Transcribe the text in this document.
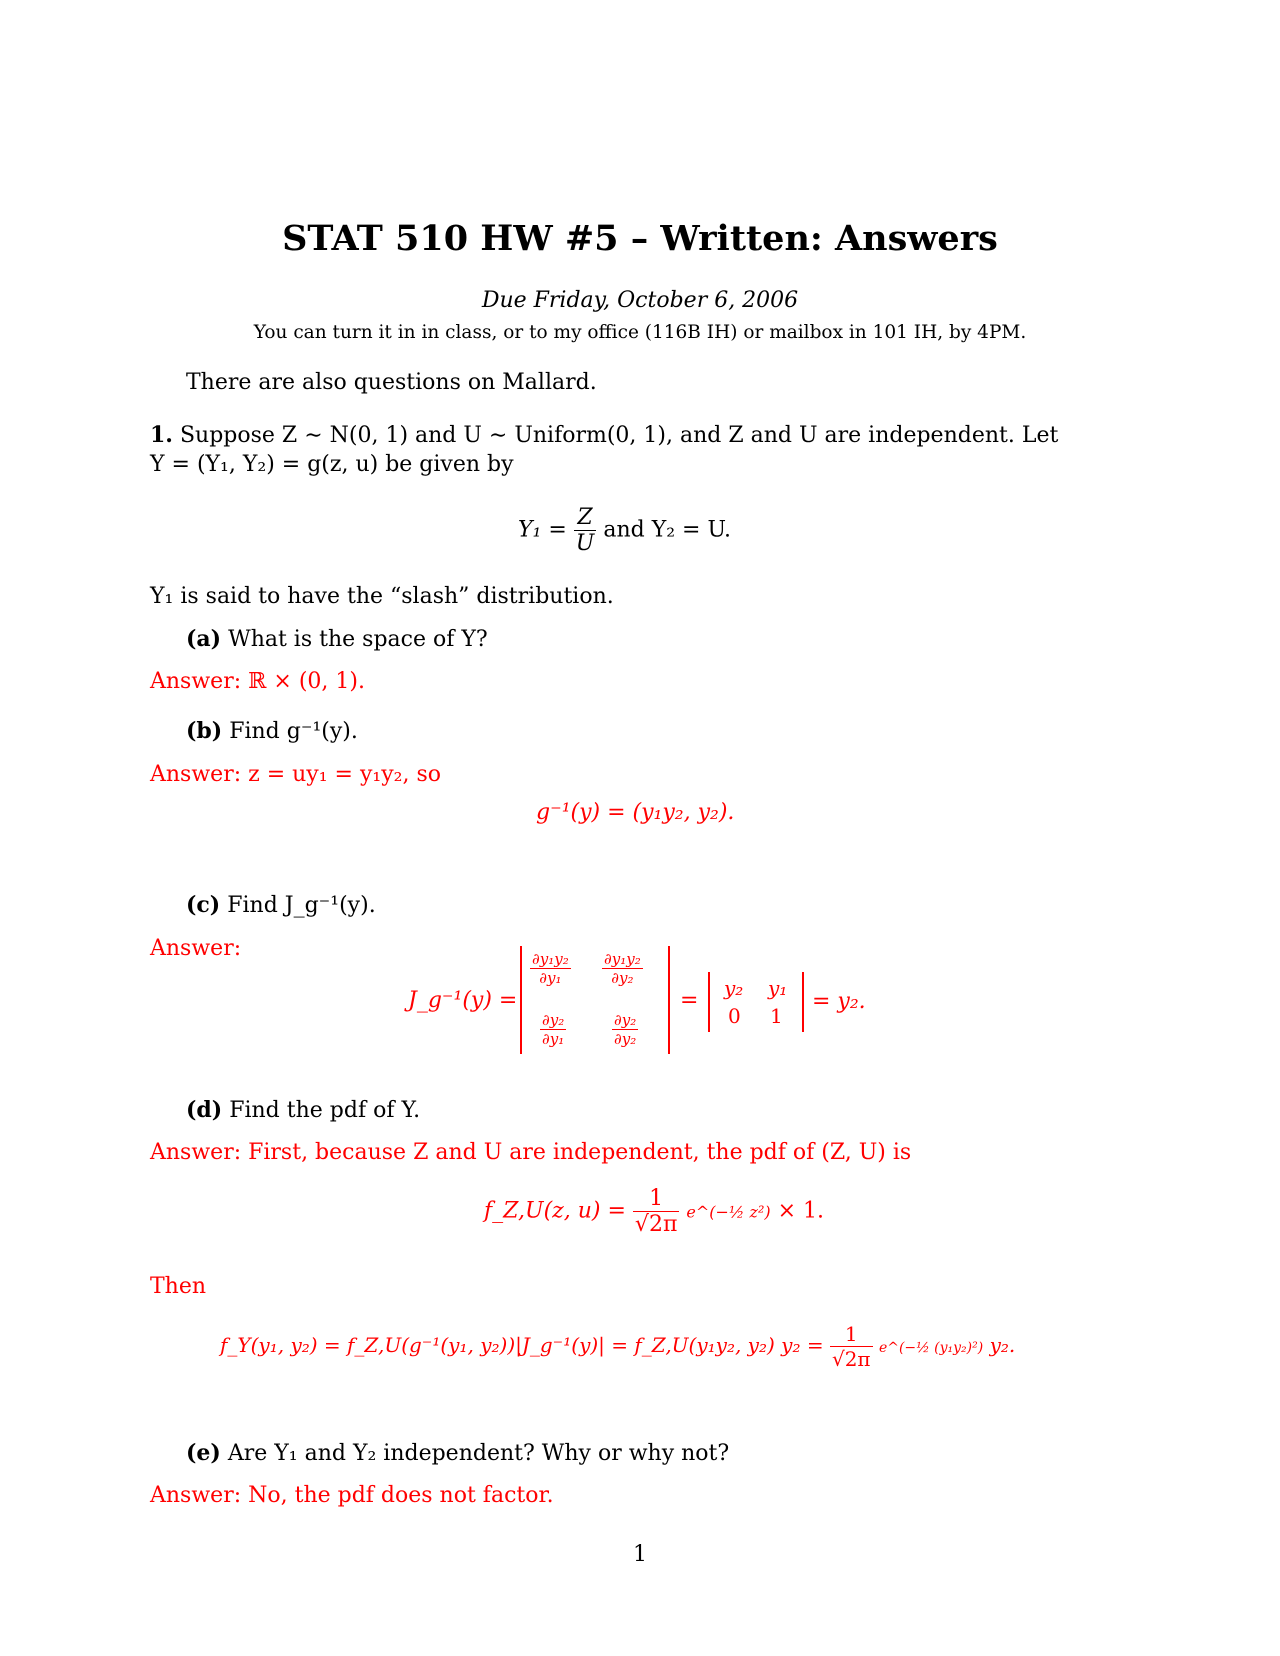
STAT 510 HW #5 – Written: Answers
Due Friday, October 6, 2006
You can turn it in in class, or to my office (116B IH) or mailbox in 101 IH, by 4PM.
There are also questions on Mallard.
1. Suppose Z ∼ N(0, 1) and U ∼ Uniform(0, 1), and Z and U are independent. Let
Y = (Y₁, Y₂) = g(z, u) be given by
$Y_1 = \frac{Z}{U}$ and Y₂ = U.
Y₁ is said to have the “slash” distribution.
(a) What is the space of Y?
Answer: ℝ × (0, 1).
(b) Find g⁻¹(y).
Answer: z = uy₁ = y₁y₂, so
g⁻¹(y) = (y₁y₂, y₂).
(c) Find J_g⁻¹(y).
Answer:
J_g⁻¹(y) =
$\frac{\text{∂y₁y₂}}{\text{∂y₁}} \frac{\text{∂y₁y₂}}{\text{∂y₂}}$
$\frac{\text{∂y₂}}{\text{∂y₁}}$	$\frac{\text{∂y₂}}{\text{∂y₂}}$
= y₂ y₁
0 1
= y₂.
(d) Find the pdf of Y.
Answer: First, because Z and U are independent, the pdf of (Z, U) is
f_Z,U(z, $u) = \frac{1}{√2\pi}$ e^(−½ z²) × 1.
Then
f_Y(y₁, y₂) = f_Z,U(g⁻¹(y₁, y₂))|J_g⁻¹(y)| = f_Z,U(y₁y₂, y₂) $y_2 = \frac{1}{√2\pi}$ e^(−½ (y₁y₂)²) y₂.
(e) Are Y₁ and Y₂ independent? Why or why not?
Answer: No, the pdf does not factor.
1
